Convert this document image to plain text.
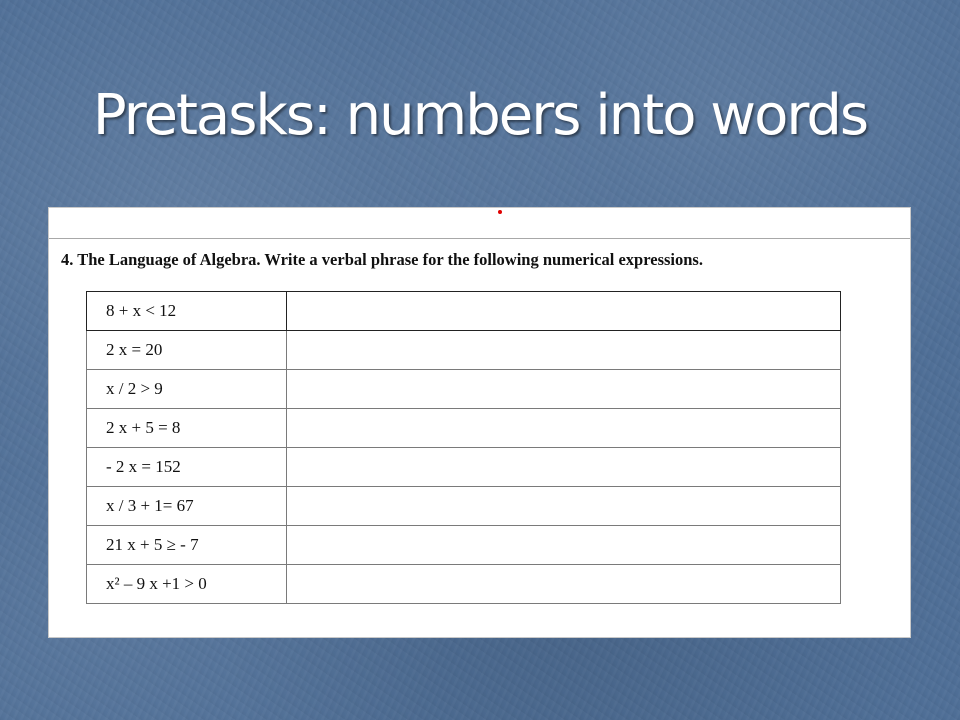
Pretasks: numbers into words

4. The Language of Algebra. Write a verbal phrase for the following numerical expressions.

8 + x < 12	
2 x = 20	
x / 2 > 9	
2 x + 5 = 8	
- 2 x = 152	
x / 3 + 1= 67	
21 x + 5 ≥ - 7	
x² – 9 x +1 > 0	
